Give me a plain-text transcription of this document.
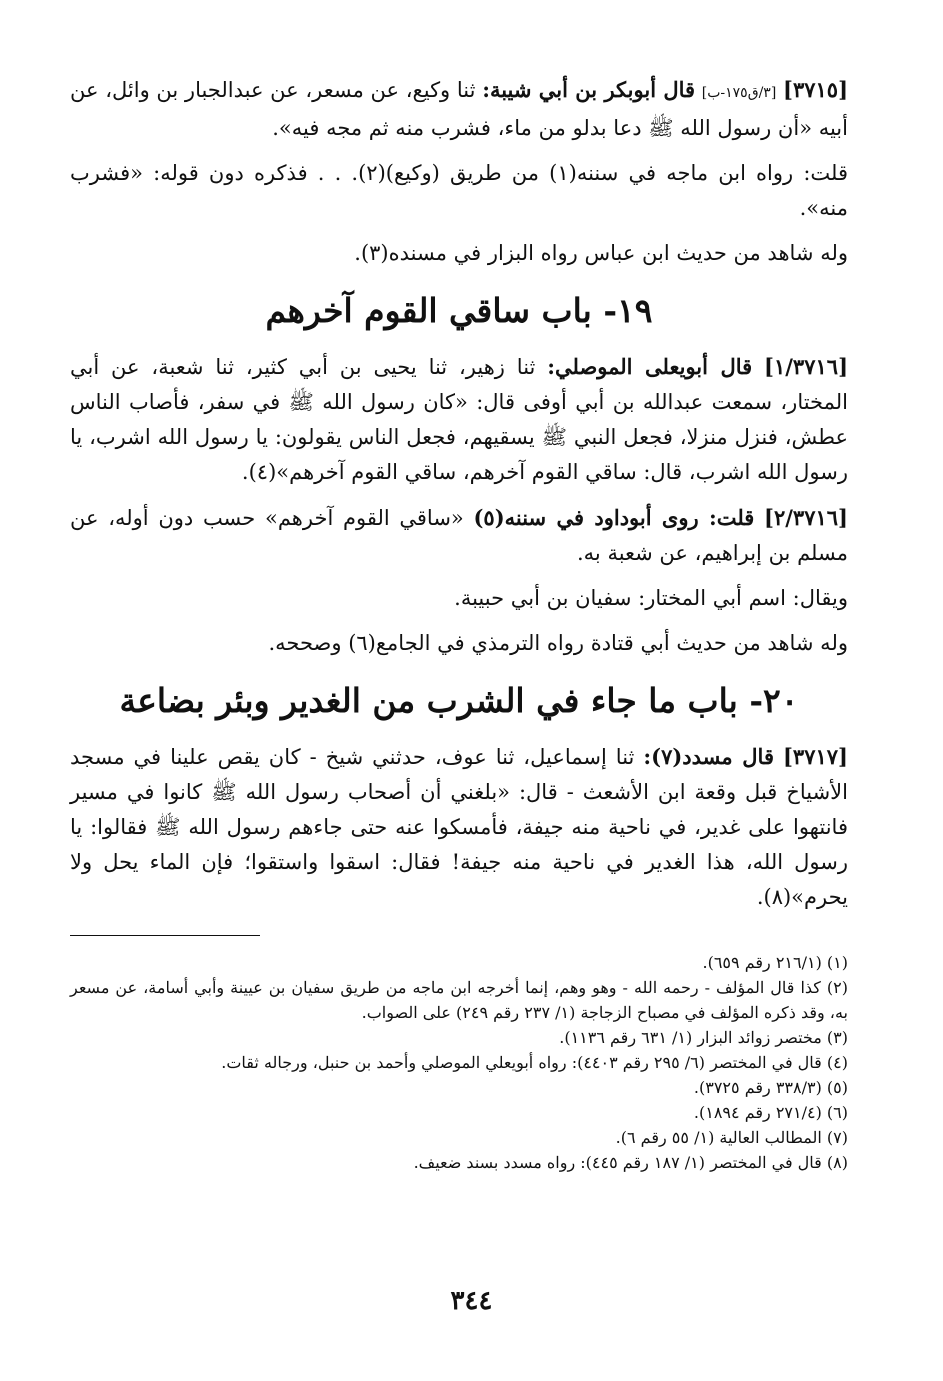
[٣٧١٥] [٣/ق١٧٥-ب] قال أبوبكر بن أبي شيبة: ثنا وكيع، عن مسعر، عن عبدالجبار بن وائل، عن أبيه «أن رسول الله ﷺ دعا بدلو من ماء، فشرب منه ثم مجه فيه».

قلت: رواه ابن ماجه في سننه(١) من طريق (وكيع)(٢). . . فذكره دون قوله: «فشرب منه».

وله شاهد من حديث ابن عباس رواه البزار في مسنده(٣).

١٩- باب ساقي القوم آخرهم

[١/٣٧١٦] قال أبويعلى الموصلي: ثنا زهير، ثنا يحيى بن أبي كثير، ثنا شعبة، عن أبي المختار، سمعت عبدالله بن أبي أوفى قال: «كان رسول الله ﷺ في سفر، فأصاب الناس عطش، فنزل منزلا، فجعل النبي ﷺ يسقيهم، فجعل الناس يقولون: يا رسول الله اشرب، يا رسول الله اشرب، قال: ساقي القوم آخرهم، ساقي القوم آخرهم»(٤).

[٢/٣٧١٦] قلت: روى أبوداود في سننه(٥) «ساقي القوم آخرهم» حسب دون أوله، عن مسلم بن إبراهيم، عن شعبة به.

ويقال: اسم أبي المختار: سفيان بن أبي حبيبة.

وله شاهد من حديث أبي قتادة رواه الترمذي في الجامع(٦) وصححه.

٢٠- باب ما جاء في الشرب من الغدير وبئر بضاعة

[٣٧١٧] قال مسدد(٧): ثنا إسماعيل، ثنا عوف، حدثني شيخ - كان يقص علينا في مسجد الأشياخ قبل وقعة ابن الأشعث - قال: «بلغني أن أصحاب رسول الله ﷺ كانوا في مسير فانتهوا على غدير، في ناحية منه جيفة، فأمسكوا عنه حتى جاءهم رسول الله ﷺ فقالوا: يا رسول الله، هذا الغدير في ناحية منه جيفة! فقال: اسقوا واستقوا؛ فإن الماء يحل ولا يحرم»(٨).

(١) (٢١٦/١ رقم ٦٥٩).

(٢) كذا قال المؤلف - رحمه الله - وهو وهم، إنما أخرجه ابن ماجه من طريق سفيان بن عيينة وأبي أسامة، عن مسعر به، وقد ذكره المؤلف في مصباح الزجاجة (١/ ٢٣٧ رقم ٢٤٩) على الصواب.

(٣) مختصر زوائد البزار (١/ ٦٣١ رقم ١١٣٦).

(٤) قال في المختصر (٦/ ٢٩٥ رقم ٤٤٠٣): رواه أبويعلي الموصلي وأحمد بن حنبل، ورجاله ثقات.

(٥) (٣٣٨/٣ رقم ٣٧٢٥).

(٦) (٢٧١/٤ رقم ١٨٩٤).

(٧) المطالب العالية (١/ ٥٥ رقم ٦).

(٨) قال في المختصر (١/ ١٨٧ رقم ٤٤٥): رواه مسدد بسند ضعيف.

٣٤٤
